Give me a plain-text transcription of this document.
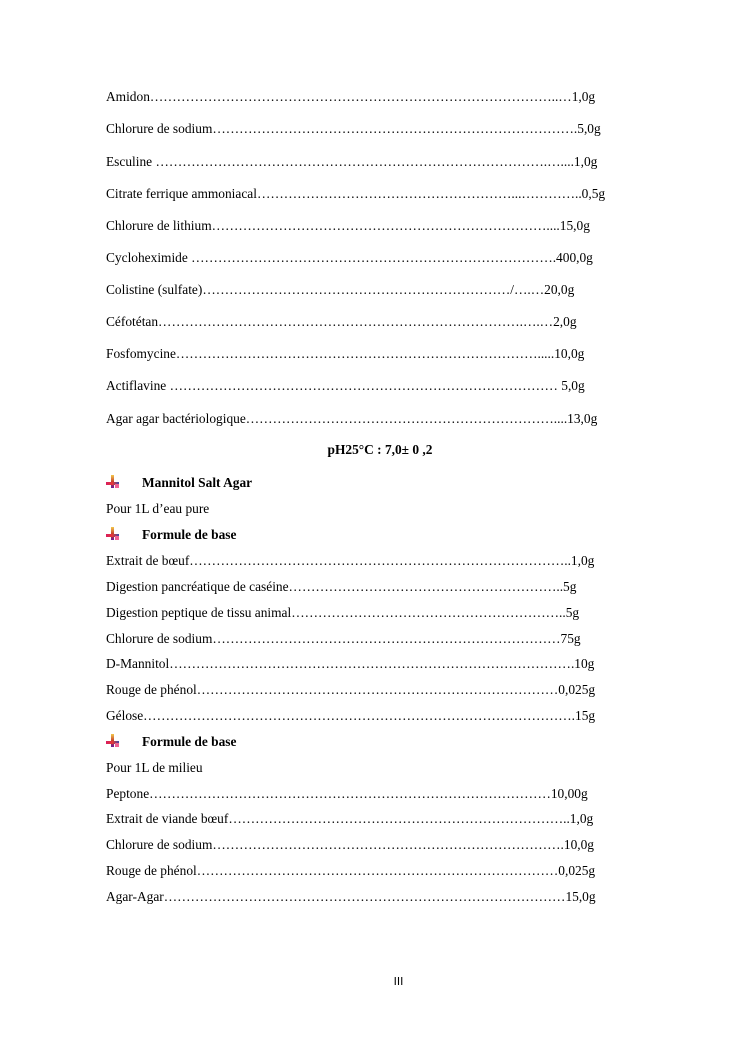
Amidon………………………………………………………………………………..…1,0g
Chlorure de sodium……………………………………………………………………….5,0g
Esculine …………………………………………………………………………….…....1,0g
Citrate ferrique ammoniacal…………………………………………………...…………..0,5g
Chlorure de lithium…………………………………………………………………....15,0g
Cycloheximide ……………………………………………………………………….400,0g
Colistine (sulfate)……………………………………………………………/….…20,0g
Céfotétan……………………………………………………………………….….…2,0g
Fosfomycine……………………………………………………………………….....10,0g
Actiflavine …………………………………………………………………………… 5,0g
Agar agar bactériologique……………………………………………………………....13,0g
pH25°C : 7,0± 0 ,2
Mannitol Salt Agar
Pour 1L d’eau pure
Formule de base
Extrait de bœuf…………………………………………………………………………..1,0g
Digestion pancréatique de caséine……………………………………………………..5g
Digestion peptique de tissu animal……………………………………………………..5g
Chlorure de sodium……………………………………………………………………75g
D-Mannitol……………………………………………………………………………….10g
Rouge de phénol………………………………………………………………………0,025g
Gélose…………………………………………………………………………………….15g
Formule de base
Pour 1L de milieu
Peptone………………………………………………………………………………10,00g
Extrait de viande bœuf…………………………………………………………………..1,0g
Chlorure de sodium…………………………………………………………………….10,0g
Rouge de phénol………………………………………………………………………0,025g
Agar-Agar………………………………………………………………………………15,0g
III
